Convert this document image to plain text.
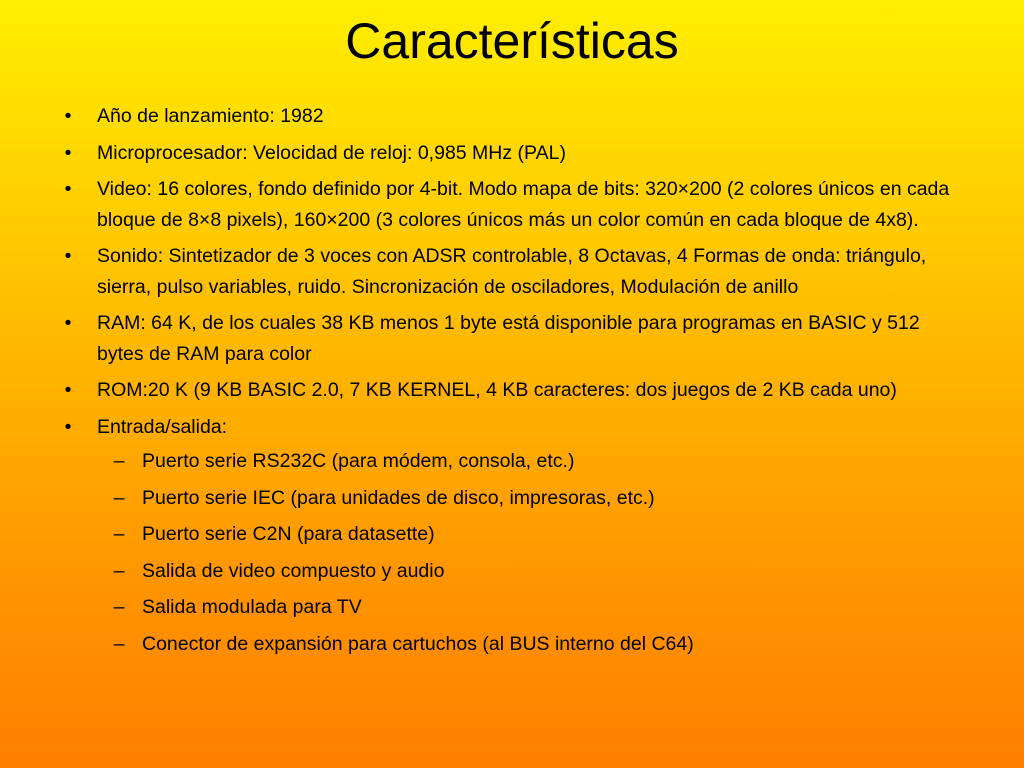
Características
•	Año de lanzamiento: 1982
•	Microprocesador: Velocidad de reloj: 0,985 MHz (PAL)
•	Video: 16 colores, fondo definido por 4-bit. Modo mapa de bits: 320×200 (2 colores únicos en cada bloque de 8×8 pixels), 160×200 (3 colores únicos más un color común en cada bloque de 4x8).
•	Sonido: Sintetizador de 3 voces con ADSR controlable, 8 Octavas, 4 Formas de onda: triángulo, sierra, pulso variables, ruido. Sincronización de osciladores, Modulación de anillo
•	RAM: 64 K, de los cuales 38 KB menos 1 byte está disponible para programas en BASIC y 512 bytes de RAM para color
•	ROM:20 K (9 KB BASIC 2.0, 7 KB KERNEL, 4 KB caracteres: dos juegos de 2 KB cada uno)
•	Entrada/salida:
– Puerto serie RS232C (para módem, consola, etc.)
– Puerto serie IEC (para unidades de disco, impresoras, etc.)
– Puerto serie C2N (para datasette)
– Salida de video compuesto y audio
– Salida modulada para TV
– Conector de expansión para cartuchos (al BUS interno del C64)
